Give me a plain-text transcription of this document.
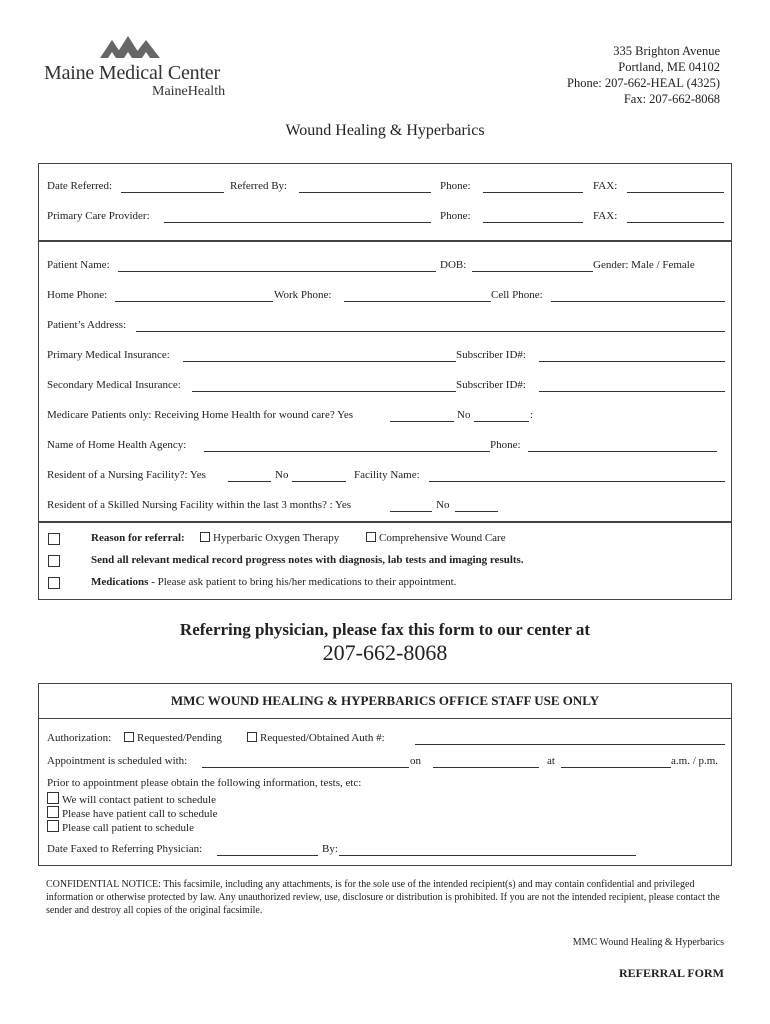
Maine Medical Center
MaineHealth
335 Brighton Avenue
Portland, ME 04102
Phone: 207-662-HEAL (4325)
Fax: 207-662-8068
Wound Healing & Hyperbarics
Date Referred:	Referred By:	Phone:	FAX:
Primary Care Provider:	Phone:	FAX:
Patient Name:	DOB:	Gender: Male / Female
Home Phone:	Work Phone:	Cell Phone:
Patient’s Address:
Primary Medical Insurance:	Subscriber ID#:
Secondary Medical Insurance:	Subscriber ID#:
Medicare Patients only: Receiving Home Health for wound care? Yes	No	:
Name of Home Health Agency:	Phone:
Resident of a Nursing Facility?: Yes	No	Facility Name:
Resident of a Skilled Nursing Facility within the last 3 months? : Yes	No
Reason for referral:	Hyperbaric Oxygen Therapy	Comprehensive Wound Care
Send all relevant medical record progress notes with diagnosis, lab tests and imaging results.
Medications - Please ask patient to bring his/her medications to their appointment.
Referring physician, please fax this form to our center at
207-662-8068
MMC WOUND HEALING & HYPERBARICS OFFICE STAFF USE ONLY
Authorization:	Requested/Pending	Requested/Obtained Auth #:
Appointment is scheduled with:	on	at	a.m. / p.m.
Prior to appointment please obtain the following information, tests, etc:
We will contact patient to schedule
Please have patient call to schedule
Please call patient to schedule
Date Faxed to Referring Physician:	By:
CONFIDENTIAL NOTICE: This facsimile, including any attachments, is for the sole use of the intended recipient(s) and may contain confidential and privileged information or otherwise protected by law. Any unauthorized review, use, disclosure or distribution is prohibited. If you are not the intended recipient, please contact the sender and destroy all copies of the original facsimile.
MMC Wound Healing & Hyperbarics
REFERRAL FORM
